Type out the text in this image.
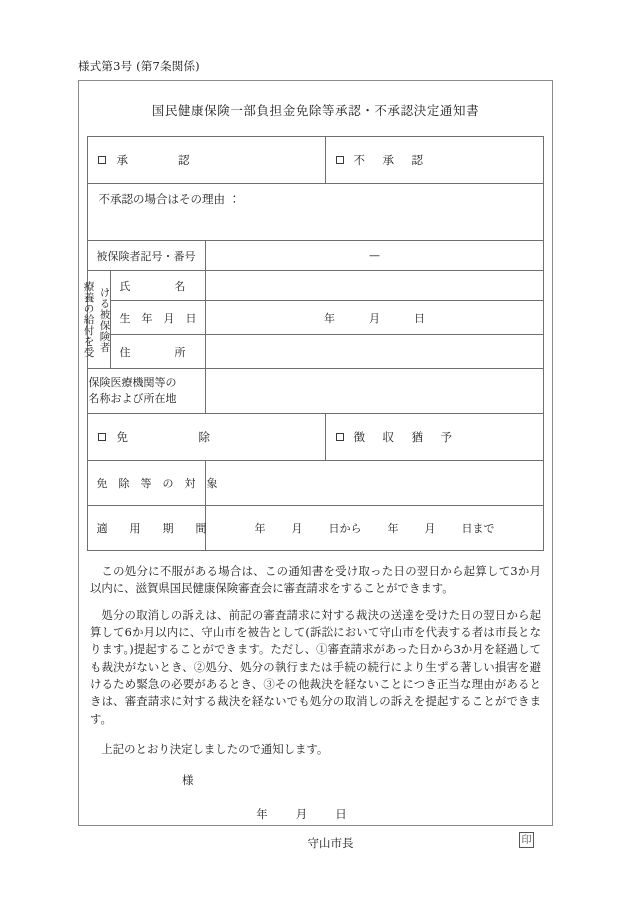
様式第3号 (第7条関係)
国民健康保険一部負担金免除等承認・不承認決定通知書
承　　認			不　承　認

不承認の場合はその理由 ：			

被保険者記号・番号		—	
ける被保険者 療養の給付を受	氏　　　　名		

	生　年　月　日	年 月 日	

	住　　　　所		

保険医療機関等の
名称および所在地			

免　　　除			徴　収　猶　予

免　除　等　の　対　象			

適　　用　　期　　間		年 月 日から 年 月 日まで	

この処分に不服がある場合は、この通知書を受け取った日の翌日から起算して3か月以内に、滋賀県国民健康保険審査会に審査請求をすることができます。

処分の取消しの訴えは、前記の審査請求に対する裁決の送達を受けた日の翌日から起算して6か月以内に、守山市を被告として(訴訟において守山市を代表する者は市長となります。)提起することができます。ただし、①審査請求があった日から3か月を経過しても裁決がないとき、②処分、処分の執行または手続の続行により生ずる著しい損害を避けるため緊急の必要があるとき、③その他裁決を経ないことにつき正当な理由があるときは、審査請求に対する裁決を経ないでも処分の取消しの訴えを提起することができます。

上記のとおり決定しましたので通知します。

様
年 月 日
守山市長	印
